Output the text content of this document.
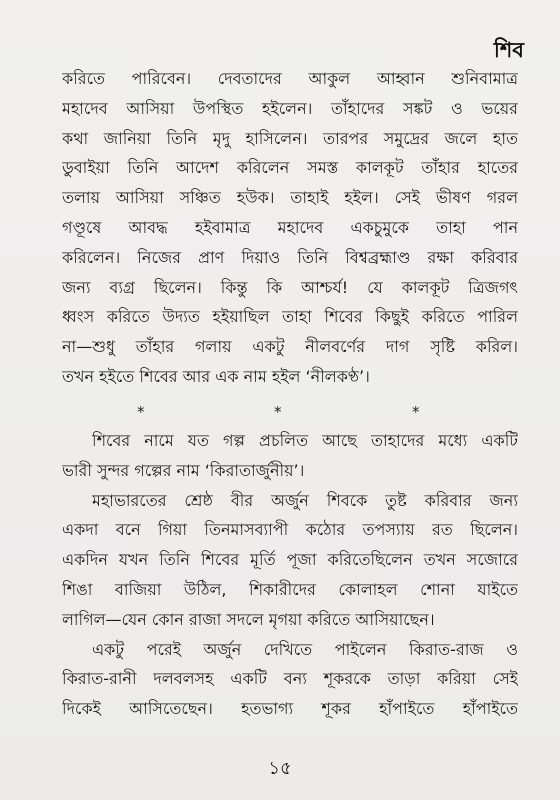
শিব
করিতে পারিবেন। দেবতাদের আকুল আহ্বান শুনিবামাত্র
মহাদেব আসিয়া উপস্থিত হইলেন। তাঁহাদের সঙ্কট ও ভয়ের
কথা জানিয়া তিনি মৃদু হাসিলেন। তারপর সমুদ্রের জলে হাত
ডুবাইয়া তিনি আদেশ করিলেন সমস্ত কালকূট তাঁহার হাতের
তলায় আসিয়া সঞ্চিত হউক। তাহাই হইল। সেই ভীষণ গরল
গণ্ডূষে আবদ্ধ হইবামাত্র মহাদেব একচুমুকে তাহা পান
করিলেন। নিজের প্রাণ দিয়াও তিনি বিশ্বব্রহ্মাণ্ড রক্ষা করিবার
জন্য ব্যগ্র ছিলেন। কিন্তু কি আশ্চর্য! যে কালকূট ত্রিজগৎ
ধ্বংস করিতে উদ্যত হইয়াছিল তাহা শিবের কিছুই করিতে পারিল
না—শুধু তাঁহার গলায় একটু নীলবর্ণের দাগ সৃষ্টি করিল।
তখন হইতে শিবের আর এক নাম হইল ‘নীলকণ্ঠ’।
*	*	*
শিবের নামে যত গল্প প্রচলিত আছে তাহাদের মধ্যে একটি
ভারী সুন্দর গল্পের নাম ‘কিরাতার্জুনীয়’।
মহাভারতের শ্রেষ্ঠ বীর অর্জুন শিবকে তুষ্ট করিবার জন্য
একদা বনে গিয়া তিনমাসব্যাপী কঠোর তপস্যায় রত ছিলেন।
একদিন যখন তিনি শিবের মূর্তি পূজা করিতেছিলেন তখন সজোরে
শিঙা বাজিয়া উঠিল, শিকারীদের কোলাহল শোনা যাইতে
লাগিল—যেন কোন রাজা সদলে মৃগয়া করিতে আসিয়াছেন।
একটু পরেই অর্জুন দেখিতে পাইলেন কিরাত-রাজ ও
কিরাত-রানী দলবলসহ একটি বন্য শূকরকে তাড়া করিয়া সেই
দিকেই আসিতেছেন। হতভাগ্য শূকর হাঁপাইতে হাঁপাইতে
১৫
